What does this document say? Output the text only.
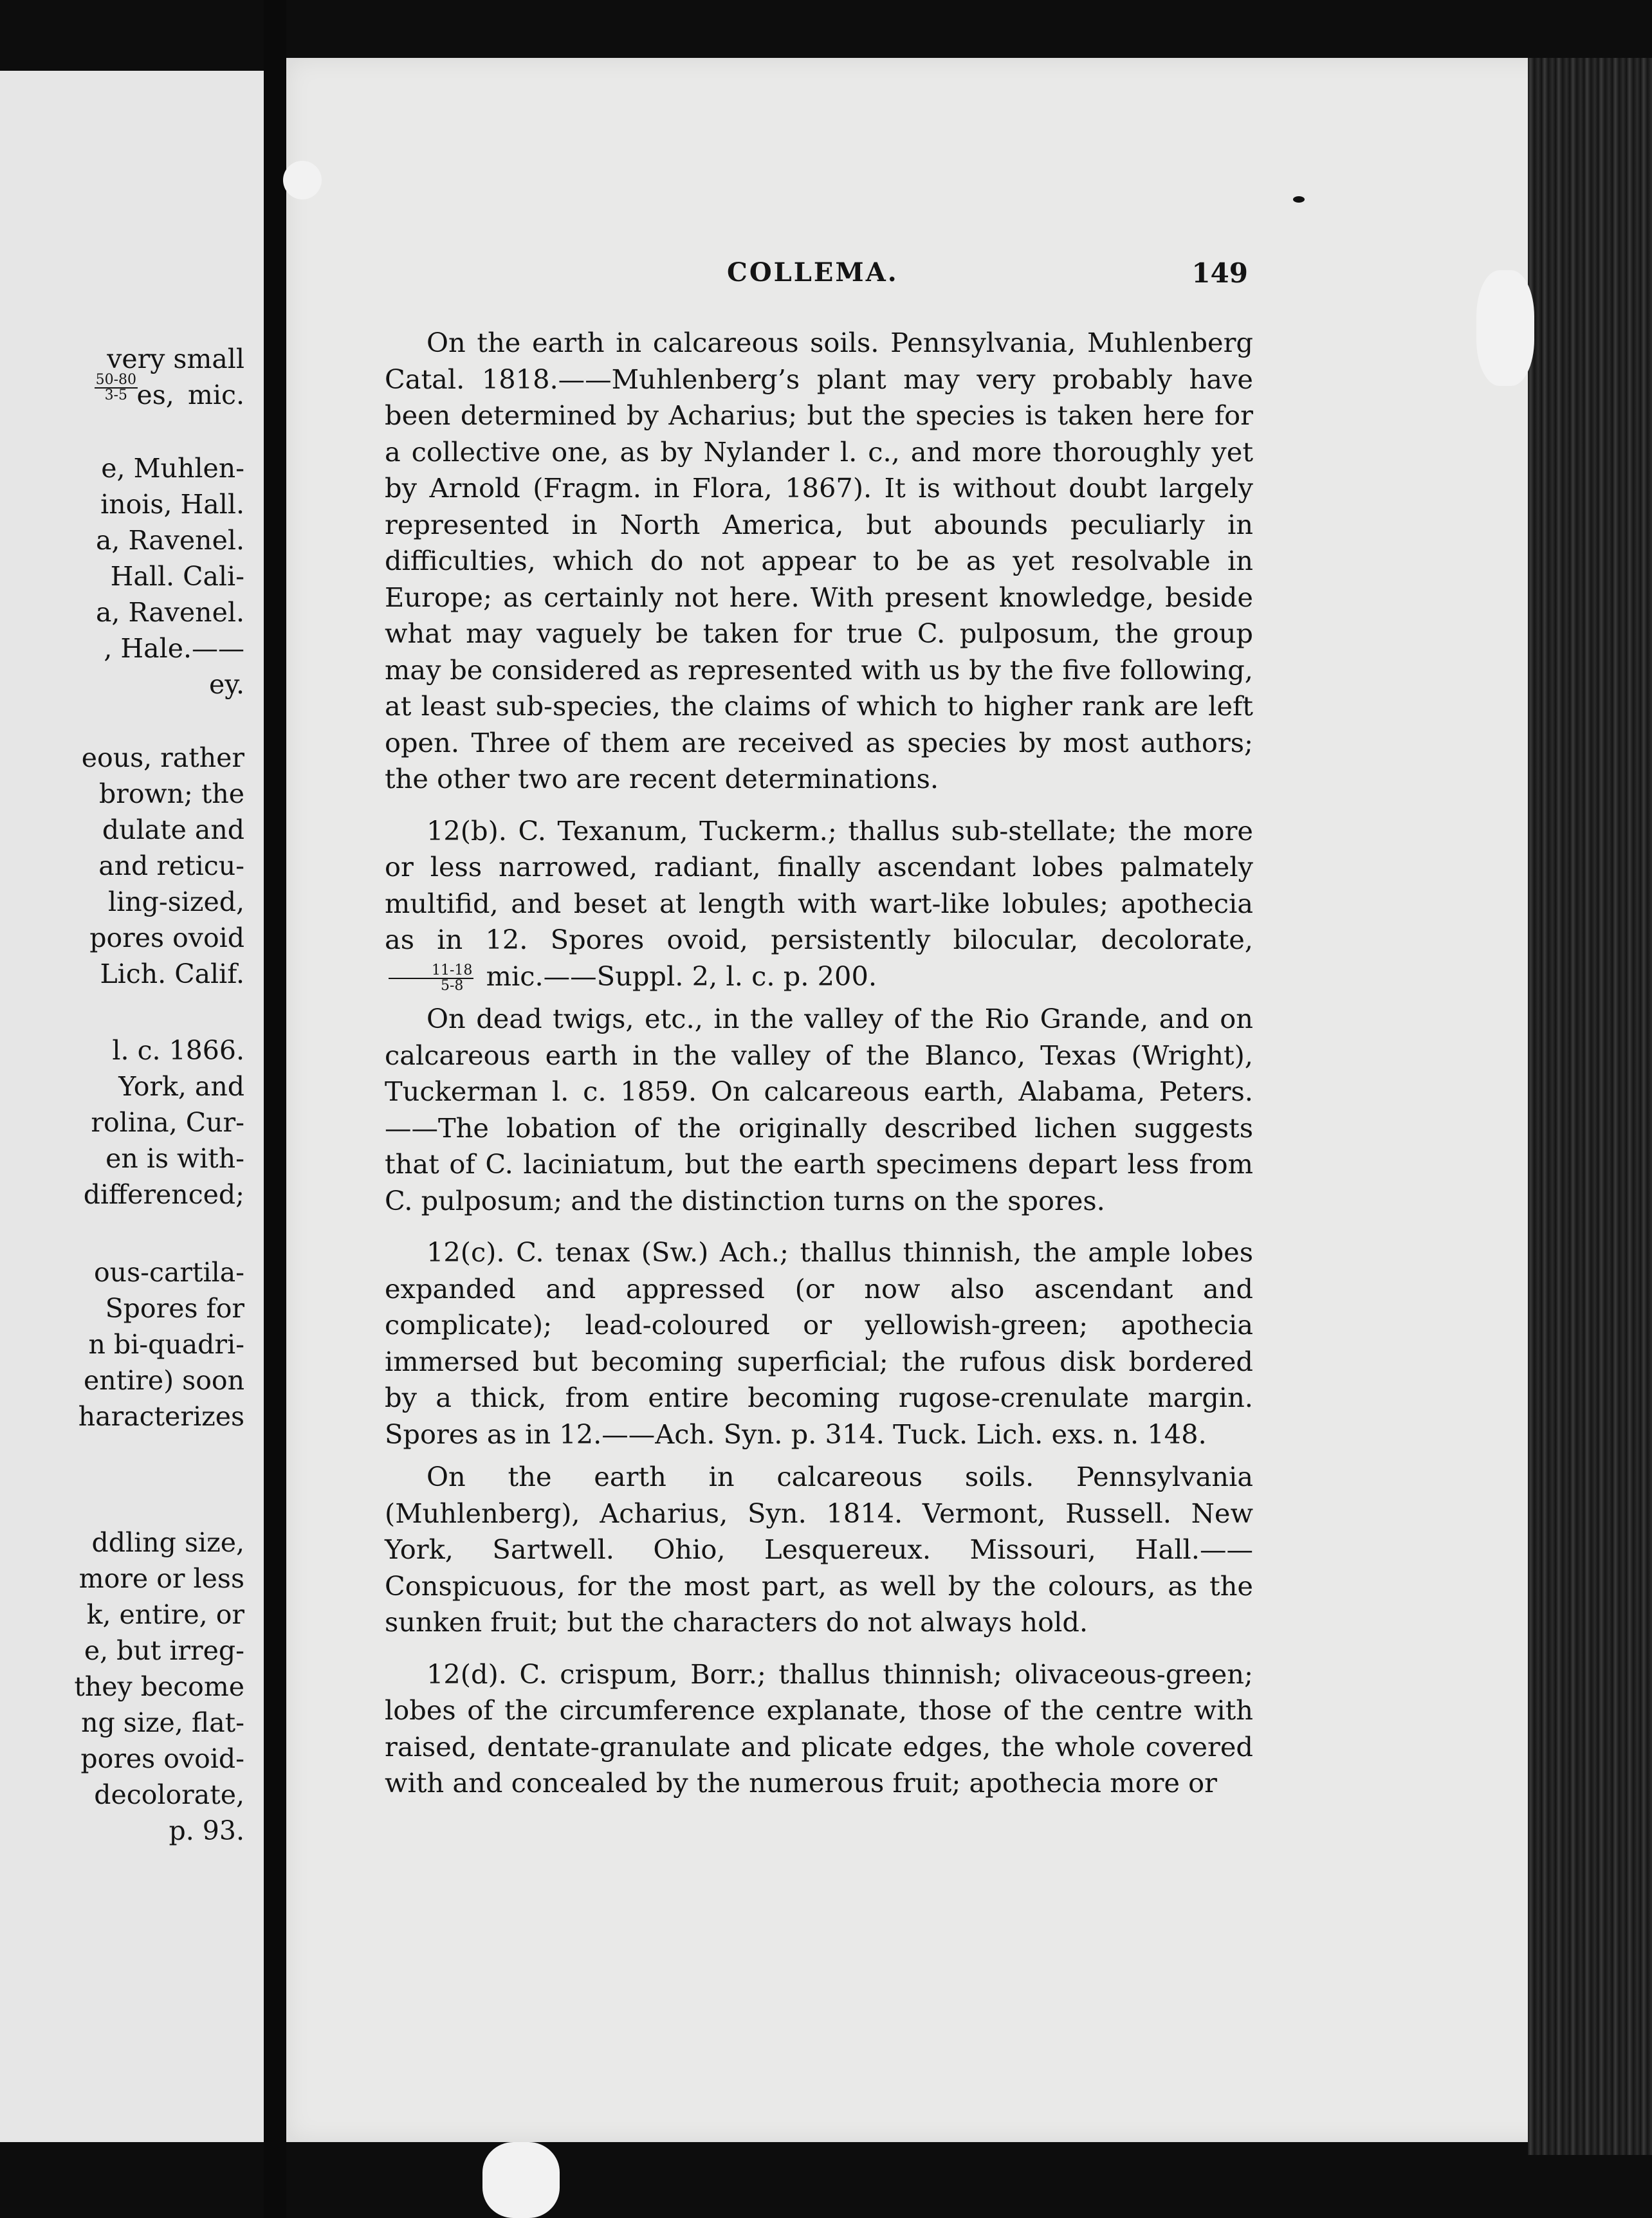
very small

es,  mic.

$\frac{50-80}{3-5}$

e, Muhlen-

inois, Hall.

a, Ravenel.

Hall. Cali-

a, Ravenel.

, Hale.——

ey.

eous, rather

brown; the

dulate and

and reticu-

ling-sized,

pores ovoid

Lich. Calif.

l. c. 1866.

York, and

rolina, Cur-

en is with-

differenced;

ous-cartila-

Spores for

n bi-quadri-

entire) soon

haracterizes

ddling size,

more or less

k, entire, or

e, but irreg-

they become

ng size, flat-

pores ovoid-

decolorate,

p. 93.

COLLEMA.	149

On the earth in calcareous soils. Pennsylvania, Muhlenberg Catal. 1818.——Muhlenberg’s plant may very probably have been determined by Acharius; but the species is taken here for a collective one, as by Nylander l. c., and more thoroughly yet by Arnold (Fragm. in Flora, 1867). It is without doubt largely represented in North America, but abounds peculiarly in difficulties, which do not appear to be as yet resolvable in Europe; as certainly not here. With present knowledge, beside what may vaguely be taken for true C. pulposum, the group may be considered as represented with us by the five following, at least sub-species, the claims of which to higher rank are left open. Three of them are received as species by most authors; the other two are recent determinations.

12(b). C. Texanum, Tuckerm.; thallus sub-stellate; the more or less narrowed, radiant, finally ascendant lobes palmately multifid, and beset at length with wart-like lobules; apothecia as in 12. Spores ovoid, persistently bilocular, decolorate,
$\frac{11-18}{5-8}$ mic.——Suppl. 2, l. c. p. 200.

On dead twigs, etc., in the valley of the Rio Grande, and on calcareous earth in the valley of the Blanco, Texas (Wright), Tuckerman l. c. 1859. On calcareous earth, Alabama, Peters. ——The lobation of the originally described lichen suggests that of C. laciniatum, but the earth specimens depart less from C. pulposum; and the distinction turns on the spores.

12(c). C. tenax (Sw.) Ach.; thallus thinnish, the ample lobes expanded and appressed (or now also ascendant and complicate); lead-coloured or yellowish-green; apothecia immersed but becoming superficial; the rufous disk bordered by a thick, from entire becoming rugose-crenulate margin. Spores as in 12.——Ach. Syn. p. 314. Tuck. Lich. exs. n. 148.

On the earth in calcareous soils. Pennsylvania (Muhlenberg), Acharius, Syn. 1814. Vermont, Russell. New York, Sartwell. Ohio, Lesquereux. Missouri, Hall.——Conspicuous, for the most part, as well by the colours, as the sunken fruit; but the characters do not always hold.

12(d). C. crispum, Borr.; thallus thinnish; olivaceous-green; lobes of the circumference explanate, those of the centre with raised, dentate-granulate and plicate edges, the whole covered with and concealed by the numerous fruit; apothecia more or
